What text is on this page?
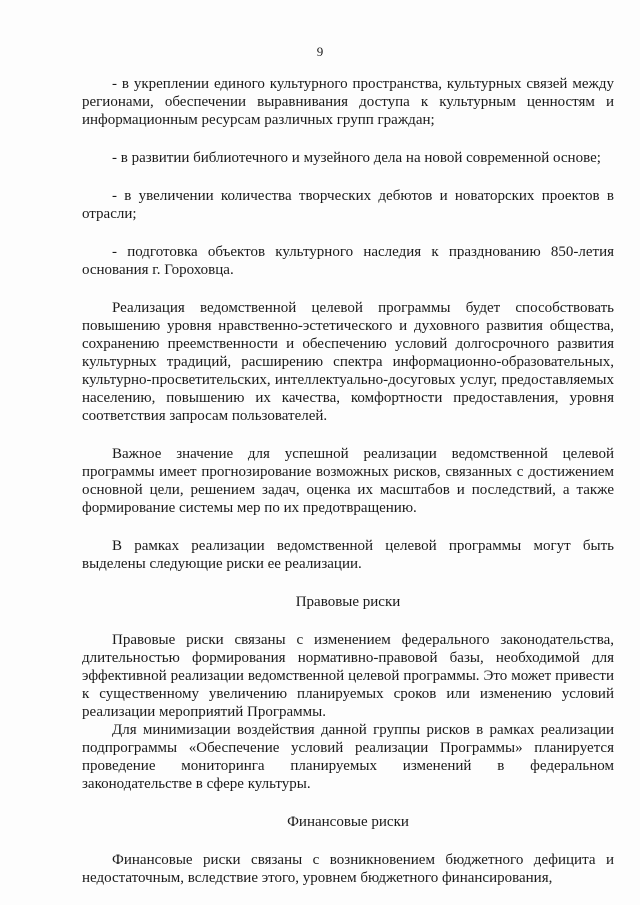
9

- в укреплении единого культурного пространства, культурных связей между регионами, обеспечении выравнивания доступа к культурным ценностям и информационным ресурсам различных групп граждан;

- в развитии библиотечного и музейного дела на новой современной основе;

- в увеличении количества творческих дебютов и новаторских проектов в отрасли;

- подготовка объектов культурного наследия к празднованию 850-летия основания г. Гороховца.

Реализация ведомственной целевой программы будет способствовать повышению уровня нравственно-эстетического и духовного развития общества, сохранению преемственности и обеспечению условий долгосрочного развития культурных традиций, расширению спектра информационно-образовательных, культурно-просветительских, интеллектуально-досуговых услуг, предоставляемых населению, повышению их качества, комфортности предоставления, уровня соответствия запросам пользователей.

Важное значение для успешной реализации ведомственной целевой программы имеет прогнозирование возможных рисков, связанных с достижением основной цели, решением задач, оценка их масштабов и последствий, а также формирование системы мер по их предотвращению.

В рамках реализации ведомственной целевой программы могут быть выделены следующие риски ее реализации.

Правовые риски

Правовые риски связаны с изменением федерального законодательства, длительностью формирования нормативно-правовой базы, необходимой для эффективной реализации ведомственной целевой программы. Это может привести к существенному увеличению планируемых сроков или изменению условий реализации мероприятий Программы.

Для минимизации воздействия данной группы рисков в рамках реализации подпрограммы «Обеспечение условий реализации Программы» планируется проведение мониторинга планируемых изменений в федеральном законодательстве в сфере культуры.

Финансовые риски

Финансовые риски связаны с возникновением бюджетного дефицита и недостаточным, вследствие этого, уровнем бюджетного финансирования,
